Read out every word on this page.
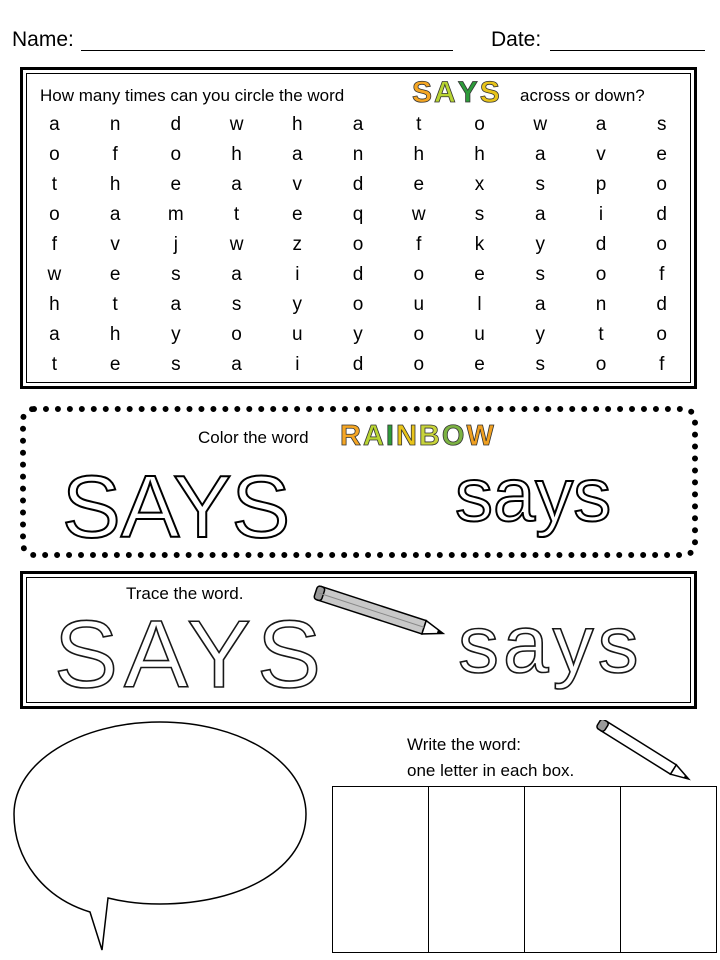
Name:	Date:
How many times can you circle the word SAYS across or down?
a	n	d	w	h	a	t	o	w	a	s
o	f	o	h	a	n	h	h	a	v	e
t	h	e	a	v	d	e	x	s	p	o
o	a	m	t	e	q	w	s	a	i	d
f	v	j	w	z	o	f	k	y	d	o
w	e	s	a	i	d	o	e	s	o	f
h	t	a	s	y	o	u	l	a	n	d
a	h	y	o	u	y	o	u	y	t	o
t	e	s	a	i	d	o	e	s	o	f
Color the word RAINBOW
SAYS says
Trace the word.
SAYS says
Write the word:
one letter in each box.
